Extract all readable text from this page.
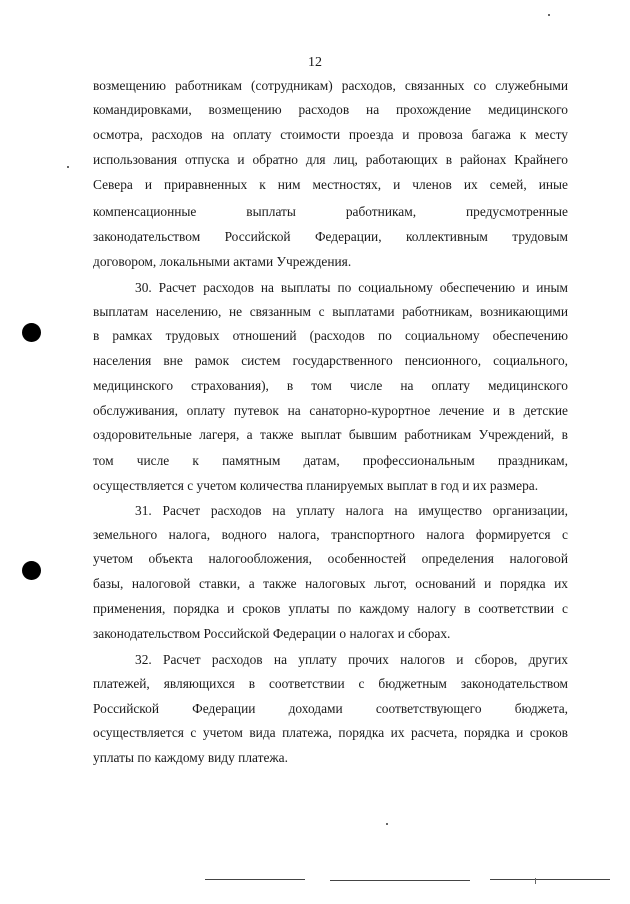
12
возмещению работникам (сотрудникам) расходов, связанных со служебными
командировками, возмещению расходов на прохождение медицинского
осмотра, расходов на оплату стоимости проезда и провоза багажа к месту
использования отпуска и обратно для лиц, работающих в районах Крайнего
Севера и приравненных к ним местностях, и членов их семей, иные
компенсационные выплаты работникам, предусмотренные
законодательством Российской Федерации, коллективным трудовым
договором, локальными актами Учреждения.
30. Расчет расходов на выплаты по социальному обеспечению и иным
выплатам населению, не связанным с выплатами работникам, возникающими
в рамках трудовых отношений (расходов по социальному обеспечению
населения вне рамок систем государственного пенсионного, социального,
медицинского страхования), в том числе на оплату медицинского
обслуживания, оплату путевок на санаторно-курортное лечение и в детские
оздоровительные лагеря, а также выплат бывшим работникам Учреждений, в
том числе к памятным датам, профессиональным праздникам,
осуществляется с учетом количества планируемых выплат в год и их размера.
31. Расчет расходов на уплату налога на имущество организации,
земельного налога, водного налога, транспортного налога формируется с
учетом объекта налогообложения, особенностей определения налоговой
базы, налоговой ставки, а также налоговых льгот, оснований и порядка их
применения, порядка и сроков уплаты по каждому налогу в соответствии с
законодательством Российской Федерации о налогах и сборах.
32. Расчет расходов на уплату прочих налогов и сборов, других
платежей, являющихся в соответствии с бюджетным законодательством
Российской Федерации доходами соответствующего бюджета,
осуществляется с учетом вида платежа, порядка их расчета, порядка и сроков
уплаты по каждому виду платежа.
